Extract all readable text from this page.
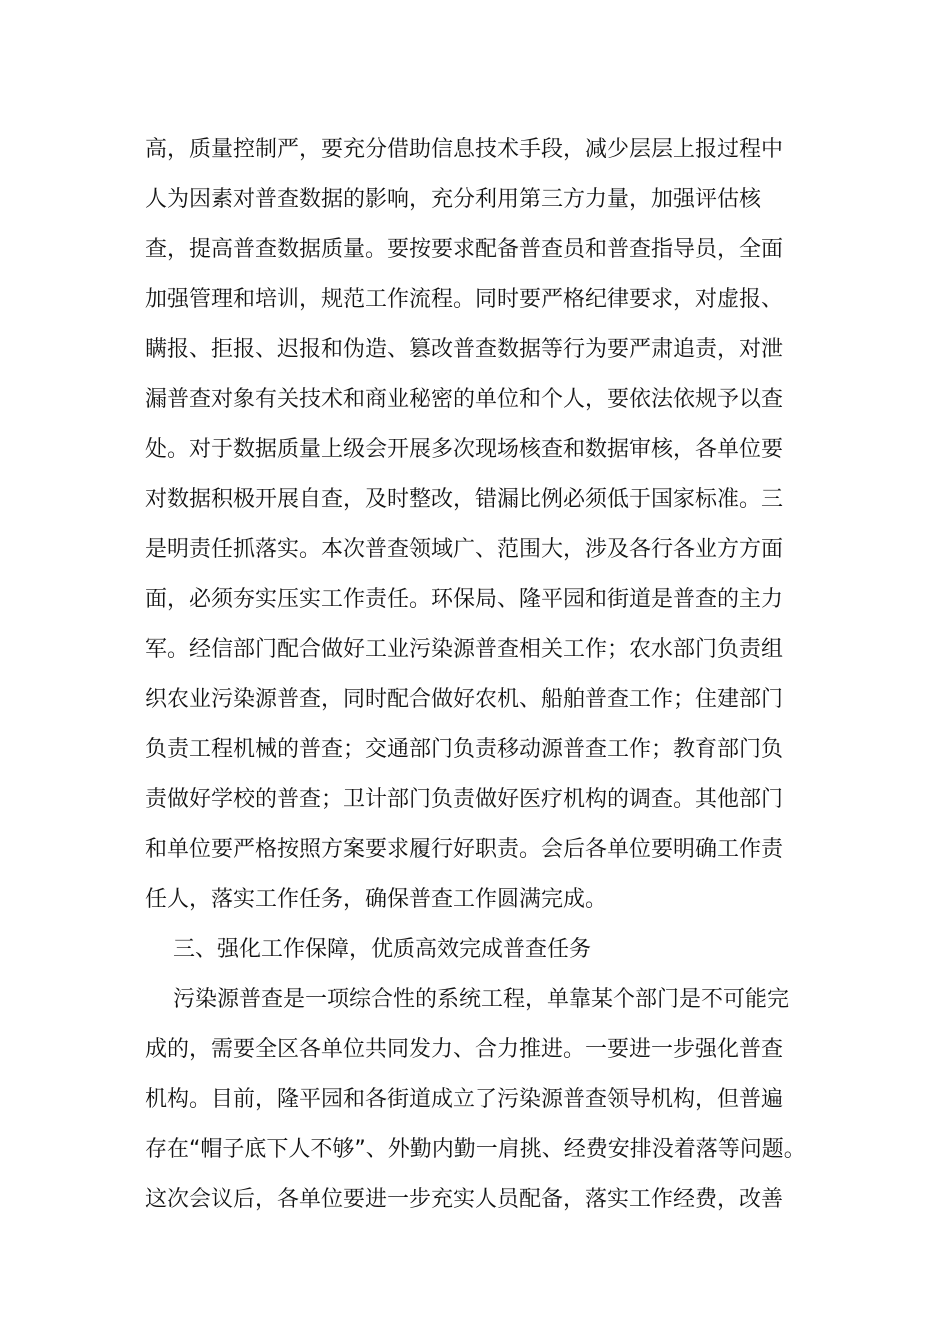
高，质量控制严，要充分借助信息技术手段，减少层层上报过程中
人为因素对普查数据的影响，充分利用第三方力量，加强评估核
查，提高普查数据质量。要按要求配备普查员和普查指导员，全面
加强管理和培训，规范工作流程。同时要严格纪律要求，对虚报、
瞒报、拒报、迟报和伪造、篡改普查数据等行为要严肃追责，对泄
漏普查对象有关技术和商业秘密的单位和个人，要依法依规予以查
处。对于数据质量上级会开展多次现场核查和数据审核，各单位要
对数据积极开展自查，及时整改，错漏比例必须低于国家标准。三
是明责任抓落实。本次普查领域广、范围大，涉及各行各业方方面
面，必须夯实压实工作责任。环保局、隆平园和街道是普查的主力
军。经信部门配合做好工业污染源普查相关工作；农水部门负责组
织农业污染源普查，同时配合做好农机、船舶普查工作；住建部门
负责工程机械的普查；交通部门负责移动源普查工作；教育部门负
责做好学校的普查；卫计部门负责做好医疗机构的调查。其他部门
和单位要严格按照方案要求履行好职责。会后各单位要明确工作责
任人，落实工作任务，确保普查工作圆满完成。
三、强化工作保障，优质高效完成普查任务
污染源普查是一项综合性的系统工程，单靠某个部门是不可能完
成的，需要全区各单位共同发力、合力推进。一要进一步强化普查
机构。目前，隆平园和各街道成立了污染源普查领导机构，但普遍
存在“帽子底下人不够”、外勤内勤一肩挑、经费安排没着落等问题。
这次会议后，各单位要进一步充实人员配备，落实工作经费，改善
